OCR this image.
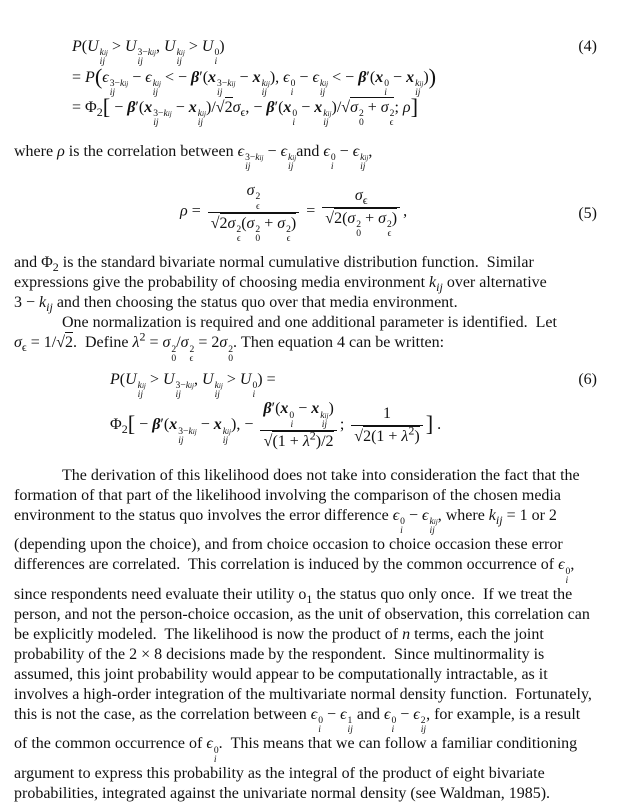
P(U kij
ij
> U 3−kij
ij
, U kij
ij
> U 0
i
)	(4)
= P(ϵ 3−kij
ij
− ϵ kij
ij
< − β′(x 3−kij
ij
− x kij
ij
), ϵ 0
i
− ϵ kij
ij
< − β′(x 0
i
− x kij
ij
))
= $\Phi_2[ - \beta'(x$ 3−kij
ij
− x kij
ij
)$/√2\sigma_\epsilon$, − β′(x 0
i
− x kij
ij
)/√σ 2
0
+ σ 2
ϵ
; ρ]
where ρ is the correlation between ϵ 3−kij
ij
− ϵ kij
ij
and ϵ 0
i
− ϵ kij
ij
,
ρ = σ 2
ϵ
√2σ 2
ϵ
(σ 2
0
+ σ 2
ϵ
) = $\sigma_\epsilon$
√2(σ 2
0
+ σ 2
ϵ
) ,	(5)
and $\Phi_2$ is the standard bivariate normal cumulative distribution function.  Similar
expressions give the probability of choosing media environment $k_{ij}$ over alternative
$3 - k_{ij}$ and then choosing the status quo over that media environment.
One normalization is required and one additional parameter is identified.  Let
$\sigma_\epsilon = 1/√2$.  Define $\lambda^2 = \sigma$ 2
0
/σ 2
ϵ
= 2σ 2
0
. Then equation 4 can be written:
P(U kij
ij
> U 3−kij
ij
, U kij
ij
> U 0
i
) =	(6)
$\Phi_2[ - \beta'(x$ 3−kij
ij
− x kij
ij
), − β′(x 0
i
− x kij
ij
)
$√(1 + \lambda^2)/2$ ; $\frac{1}{√2(1 + \lambda^2)}$ ] .
The derivation of this likelihood does not take into consideration the fact that the
formation of that part of the likelihood involving the comparison of the chosen media
environment to the status quo involves the error difference ϵ 0
i
− ϵ kij
ij
, where $k_{ij} = 1$ or 2
(depending upon the choice), and from choice occasion to choice occasion these error
differences are correlated.  This correlation is induced by the common occurrence of ϵ 0
i
,
since respondents need evaluate their utility $o_1$ the status quo only once.  If we treat the
person, and not the person-choice occasion, as the unit of observation, this correlation can
be explicitly modeled.  The likelihood is now the product of n terms, each the joint
probability of the 2 × 8 decisions made by the respondent.  Since multinormality is
assumed, this joint probability would appear to be computationally intractable, as it
involves a high-order integration of the multivariate normal density function.  Fortunately,
this is not the case, as the correlation between ϵ 0
i
− ϵ 1
ij
and ϵ 0
i
− ϵ 2
ij
, for example, is a result
of the common occurrence of ϵ 0
i
.  This means that we can follow a familiar conditioning
argument to express this probability as the integral of the product of eight bivariate
probabilities, integrated against the univariate normal density (see Waldman, 1985).
